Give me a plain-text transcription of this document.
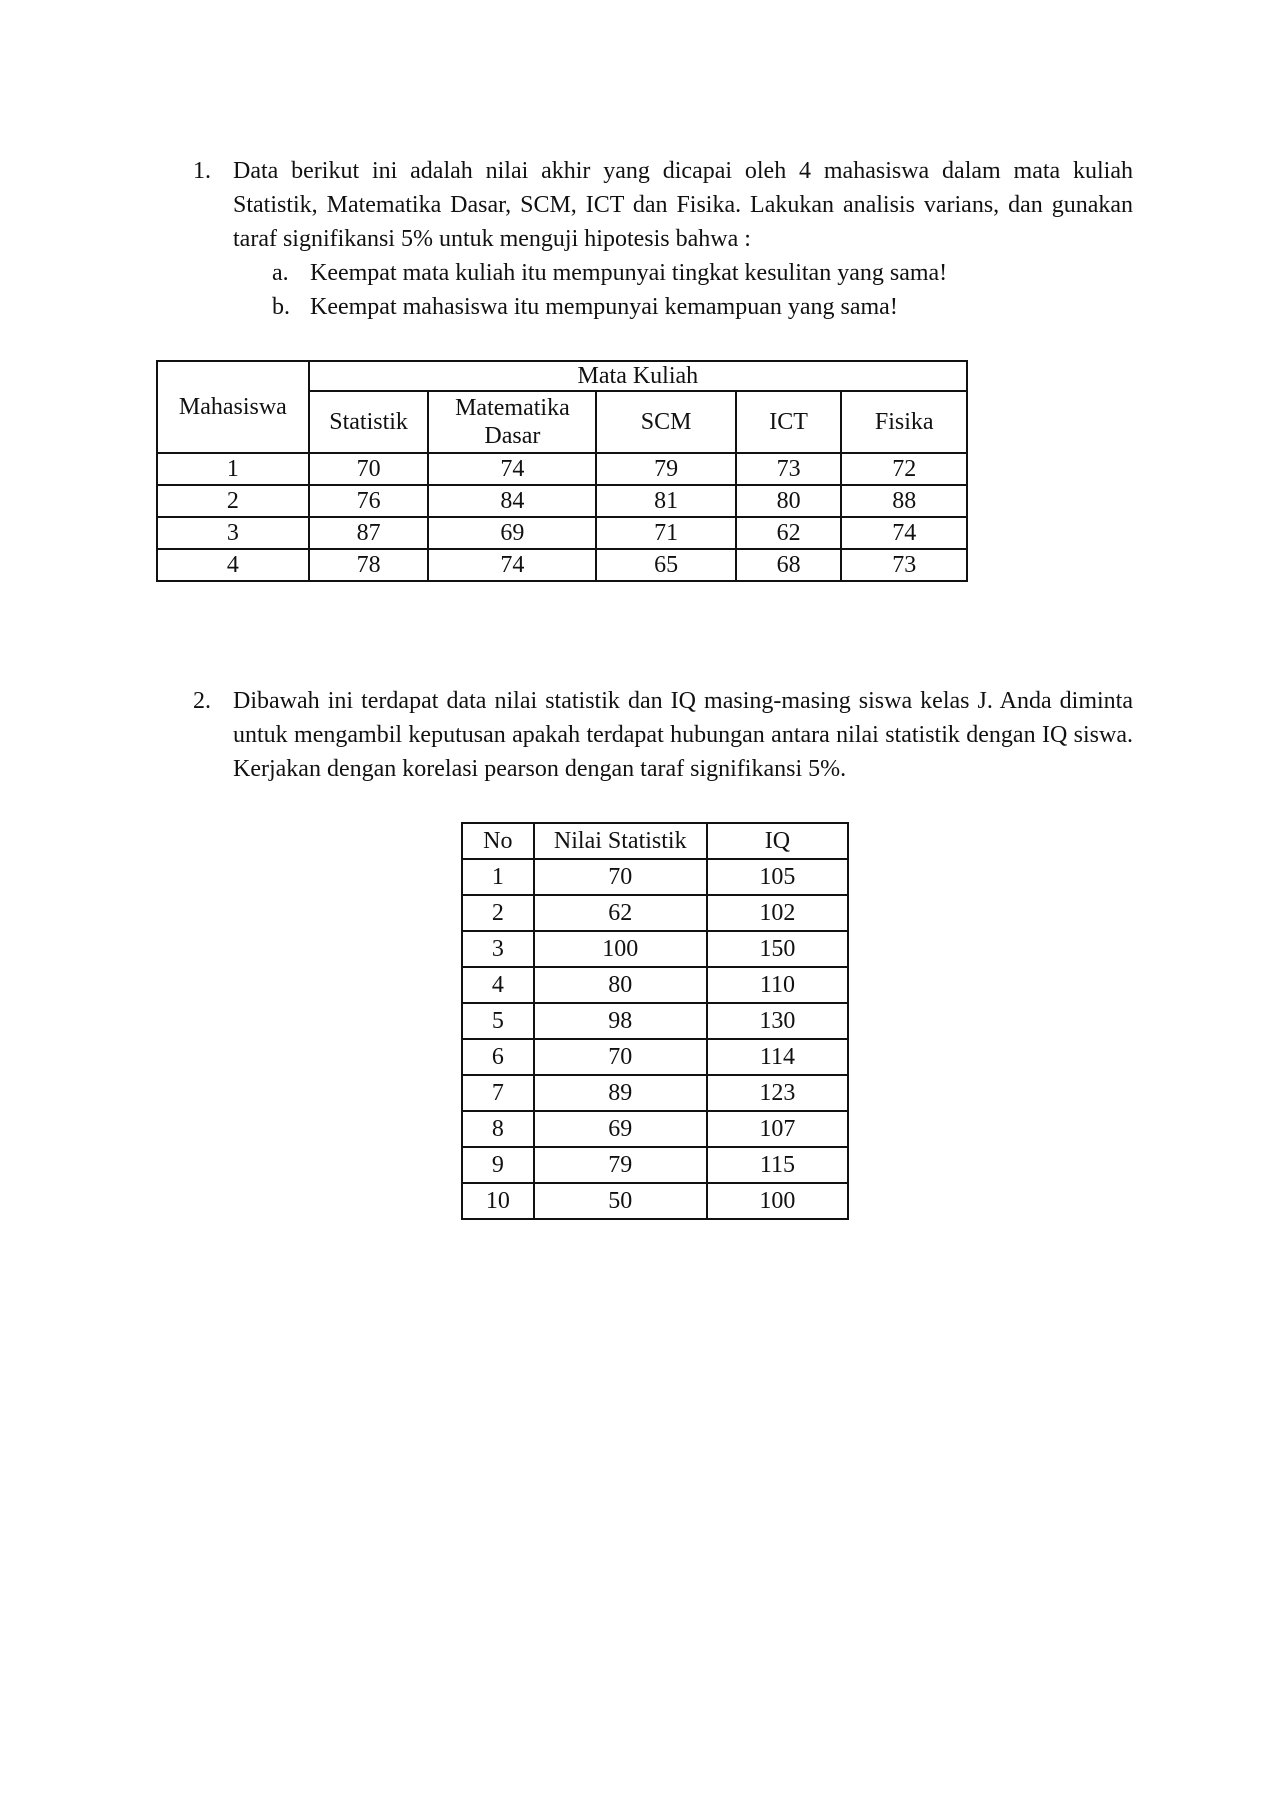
1. Data berikut ini adalah nilai akhir yang dicapai oleh 4 mahasiswa dalam mata kuliah Statistik, Matematika Dasar, SCM, ICT dan Fisika. Lakukan analisis varians, dan gunakan taraf signifikansi 5% untuk menguji hipotesis bahwa :
a. Keempat mata kuliah itu mempunyai tingkat kesulitan yang sama!
b. Keempat mahasiswa itu mempunyai kemampuan yang sama!
Mahasiswa	Mata Kuliah				
	Statistik	Matematika Dasar	SCM	ICT	Fisika
1	70	74	79	73	72
2	76	84	81	80	88
3	87	69	71	62	74
4	78	74	65	68	73
2. Dibawah ini terdapat data nilai statistik dan IQ masing-masing siswa kelas J. Anda diminta untuk mengambil keputusan apakah terdapat hubungan antara nilai statistik dengan IQ siswa. Kerjakan dengan korelasi pearson dengan taraf signifikansi 5%.
No	Nilai Statistik	IQ
1	70	105
2	62	102
3	100	150
4	80	110
5	98	130
6	70	114
7	89	123
8	69	107
9	79	115
10	50	100
